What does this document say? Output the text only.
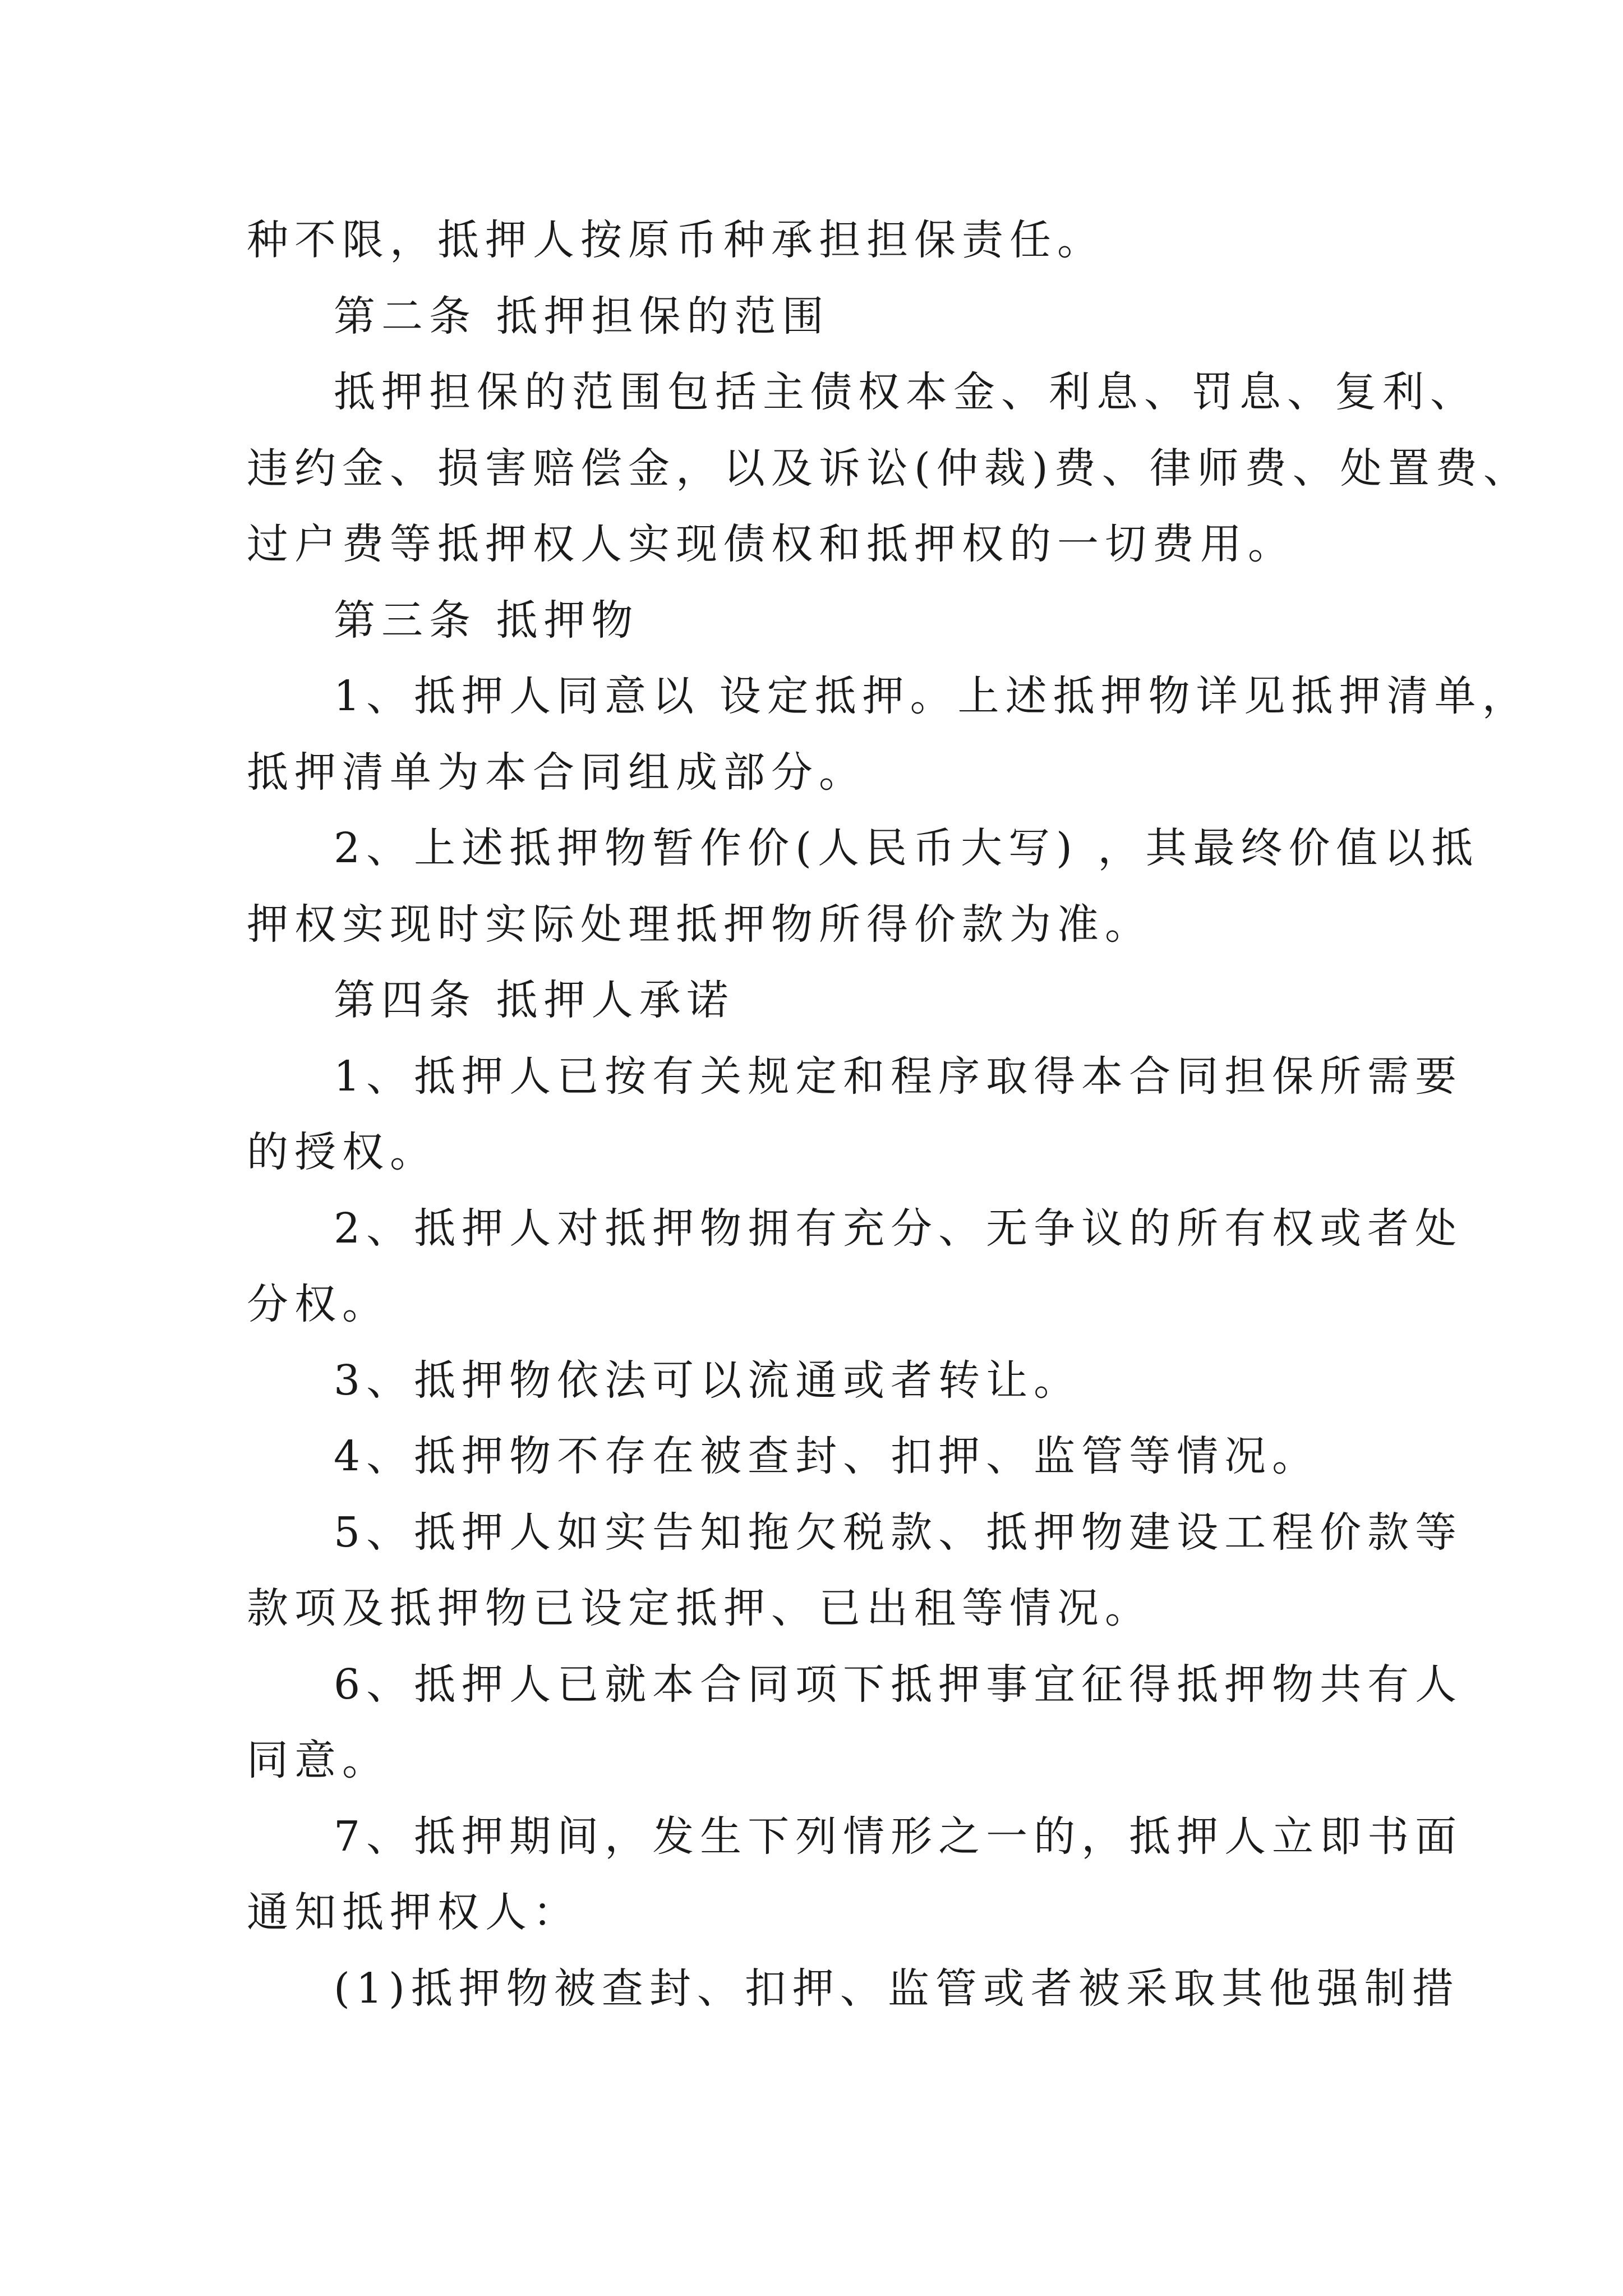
种不限，抵押人按原币种承担担保责任。
第二条 抵押担保的范围
抵押担保的范围包括主债权本金、利息、罚息、复利、
违约金、损害赔偿金，以及诉讼(仲裁)费、律师费、处置费、
过户费等抵押权人实现债权和抵押权的一切费用。
第三条 抵押物
1、抵押人同意以 设定抵押。上述抵押物详见抵押清单，
抵押清单为本合同组成部分。
2、上述抵押物暂作价(人民币大写) ，其最终价值以抵
押权实现时实际处理抵押物所得价款为准。
第四条 抵押人承诺
1、抵押人已按有关规定和程序取得本合同担保所需要
的授权。
2、抵押人对抵押物拥有充分、无争议的所有权或者处
分权。
3、抵押物依法可以流通或者转让。
4、抵押物不存在被查封、扣押、监管等情况。
5、抵押人如实告知拖欠税款、抵押物建设工程价款等
款项及抵押物已设定抵押、已出租等情况。
6、抵押人已就本合同项下抵押事宜征得抵押物共有人
同意。
7、抵押期间，发生下列情形之一的，抵押人立即书面
通知抵押权人：
(1)抵押物被查封、扣押、监管或者被采取其他强制措
